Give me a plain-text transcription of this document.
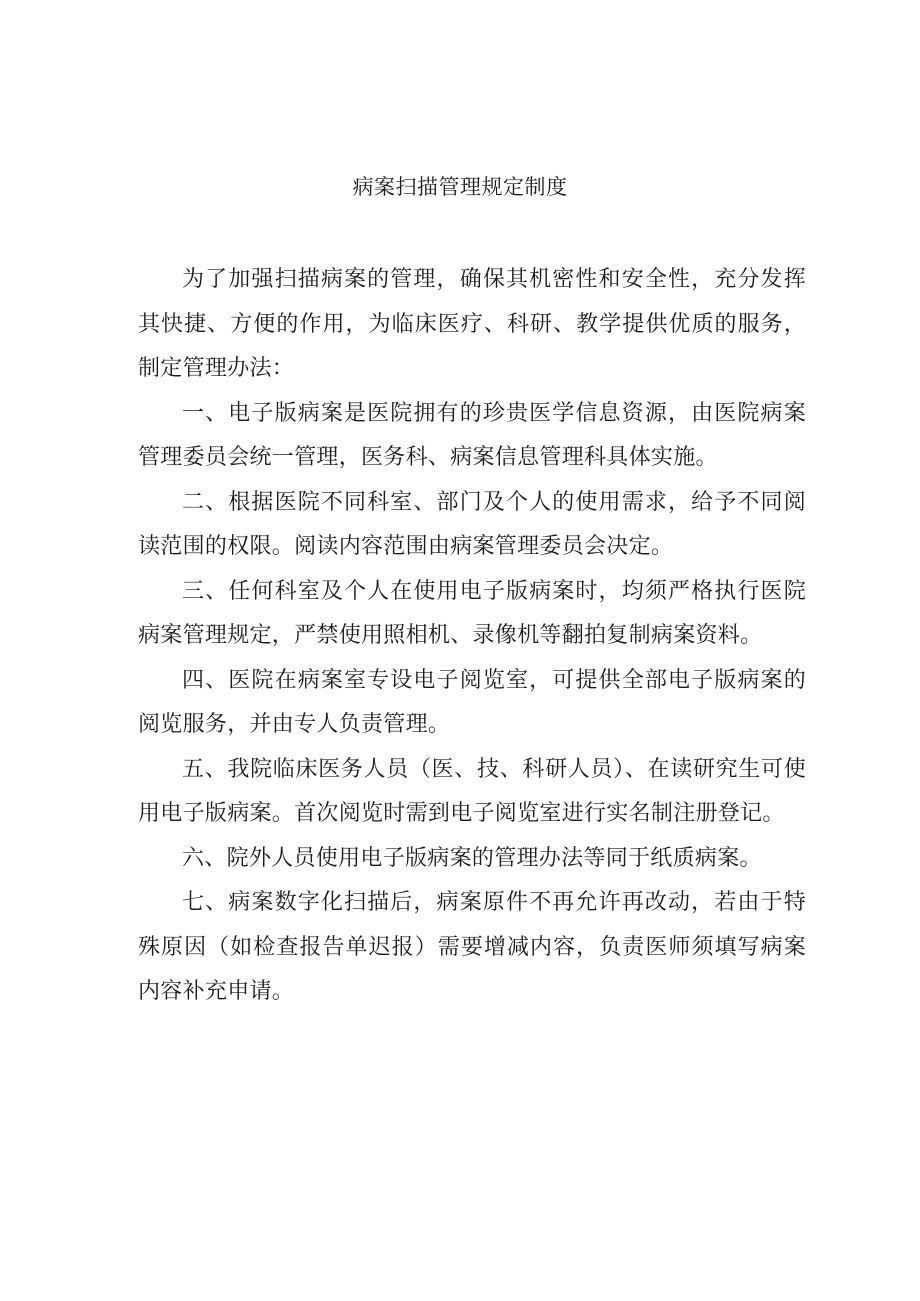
病案扫描管理规定制度

为了加强扫描病案的管理，确保其机密性和安全性，充分发挥其快捷、方便的作用，为临床医疗、科研、教学提供优质的服务，制定管理办法：

一、电子版病案是医院拥有的珍贵医学信息资源，由医院病案管理委员会统一管理，医务科、病案信息管理科具体实施。

二、根据医院不同科室、部门及个人的使用需求，给予不同阅读范围的权限。阅读内容范围由病案管理委员会决定。

三、任何科室及个人在使用电子版病案时，均须严格执行医院病案管理规定，严禁使用照相机、录像机等翻拍复制病案资料。

四、医院在病案室专设电子阅览室，可提供全部电子版病案的阅览服务，并由专人负责管理。

五、我院临床医务人员（医、技、科研人员）、在读研究生可使用电子版病案。首次阅览时需到电子阅览室进行实名制注册登记。

六、院外人员使用电子版病案的管理办法等同于纸质病案。

七、病案数字化扫描后，病案原件不再允许再改动，若由于特殊原因（如检查报告单迟报）需要增减内容，负责医师须填写病案内容补充申请。
